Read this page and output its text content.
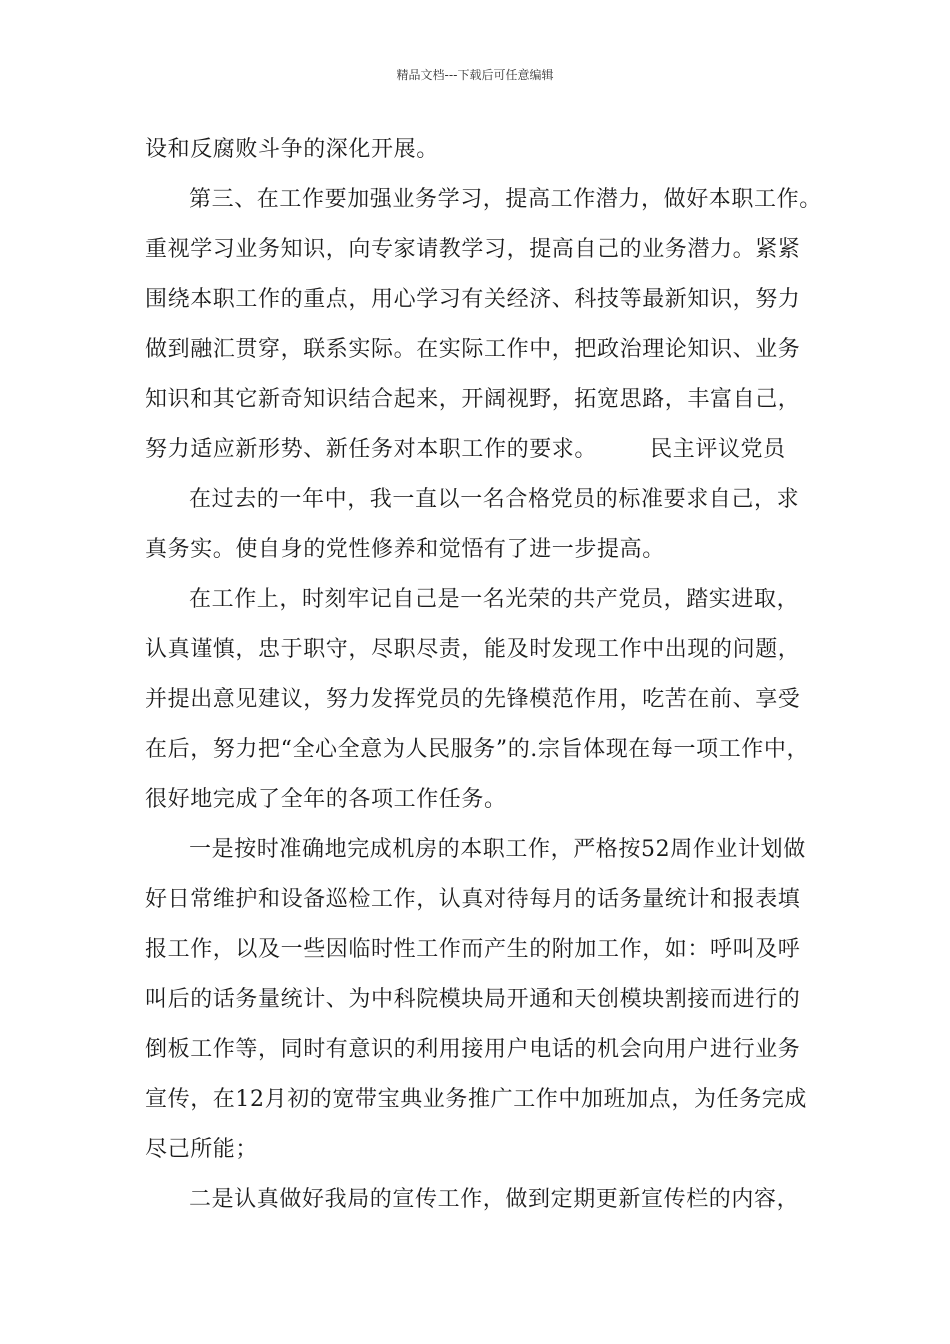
精品文档---下载后可任意编辑
设和反腐败斗争的深化开展。
第三、在工作要加强业务学习，提高工作潜力，做好本职工作。
重视学习业务知识，向专家请教学习，提高自己的业务潜力。紧紧
围绕本职工作的重点，用心学习有关经济、科技等最新知识，努力
做到融汇贯穿，联系实际。在实际工作中，把政治理论知识、业务
知识和其它新奇知识结合起来，开阔视野，拓宽思路，丰富自己，
努力适应新形势、新任务对本职工作的要求。       民主评议党员
在过去的一年中，我一直以一名合格党员的标准要求自己，求
真务实。使自身的党性修养和觉悟有了进一步提高。
在工作上，时刻牢记自己是一名光荣的共产党员，踏实进取，
认真谨慎，忠于职守，尽职尽责，能及时发现工作中出现的问题，
并提出意见建议，努力发挥党员的先锋模范作用，吃苦在前、享受
在后，努力把“全心全意为人民服务”的.宗旨体现在每一项工作中，
很好地完成了全年的各项工作任务。
一是按时准确地完成机房的本职工作，严格按52周作业计划做
好日常维护和设备巡检工作，认真对待每月的话务量统计和报表填
报工作，以及一些因临时性工作而产生的附加工作，如：呼叫及呼
叫后的话务量统计、为中科院模块局开通和天创模块割接而进行的
倒板工作等，同时有意识的利用接用户电话的机会向用户进行业务
宣传，在12月初的宽带宝典业务推广工作中加班加点，为任务完成
尽己所能；
二是认真做好我局的宣传工作，做到定期更新宣传栏的内容，
